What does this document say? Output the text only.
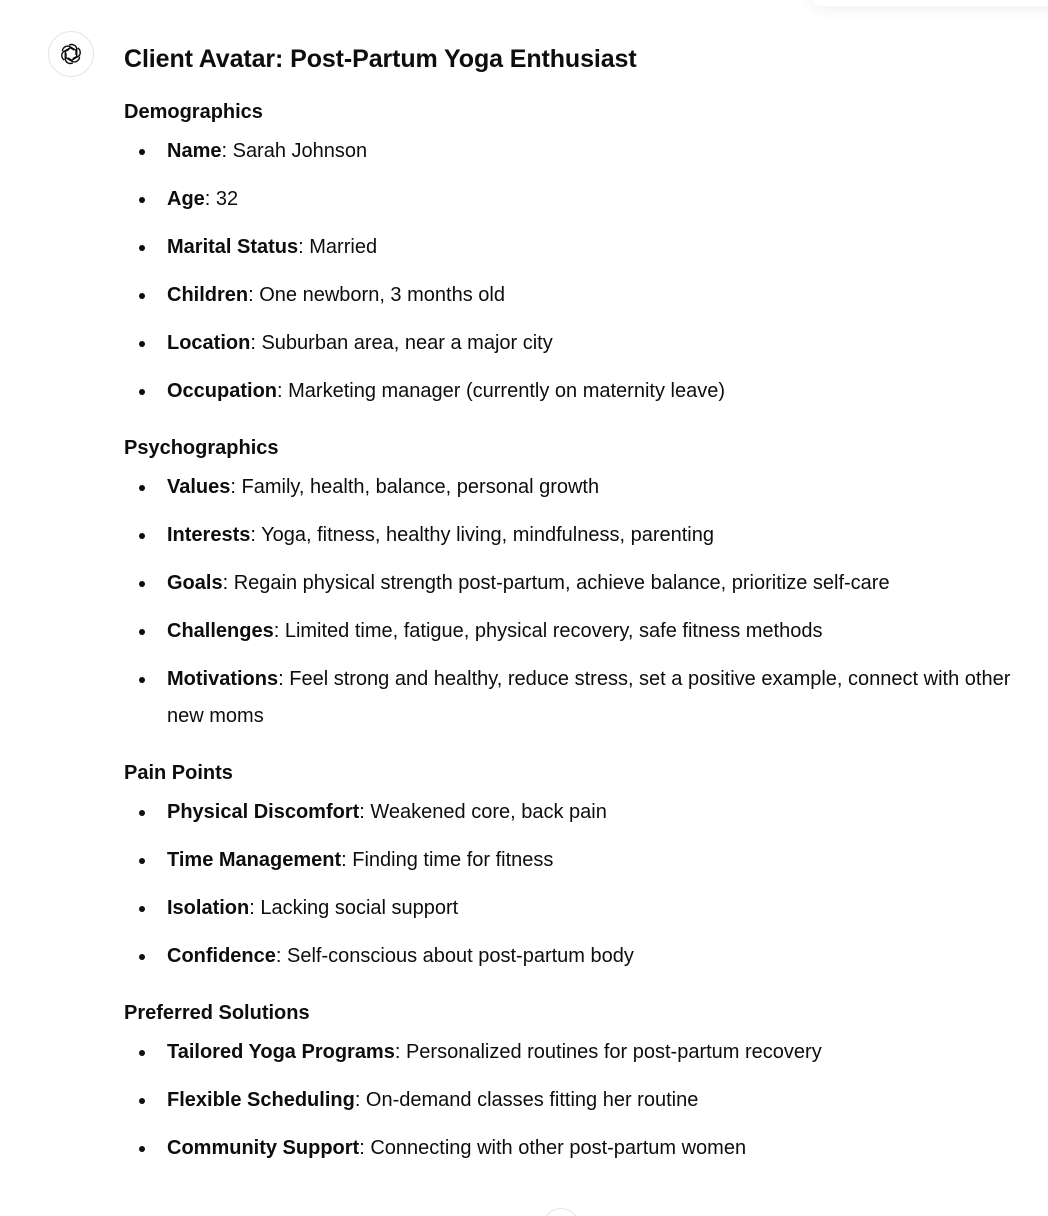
Client Avatar: Post-Partum Yoga Enthusiast
Demographics
Name: Sarah Johnson
Age: 32
Marital Status: Married
Children: One newborn, 3 months old
Location: Suburban area, near a major city
Occupation: Marketing manager (currently on maternity leave)
Psychographics
Values: Family, health, balance, personal growth
Interests: Yoga, fitness, healthy living, mindfulness, parenting
Goals: Regain physical strength post-partum, achieve balance, prioritize self-care
Challenges: Limited time, fatigue, physical recovery, safe fitness methods
Motivations: Feel strong and healthy, reduce stress, set a positive example, connect with other new moms
Pain Points
Physical Discomfort: Weakened core, back pain
Time Management: Finding time for fitness
Isolation: Lacking social support
Confidence: Self-conscious about post-partum body
Preferred Solutions
Tailored Yoga Programs: Personalized routines for post-partum recovery
Flexible Scheduling: On-demand classes fitting her routine
Community Support: Connecting with other post-partum women
